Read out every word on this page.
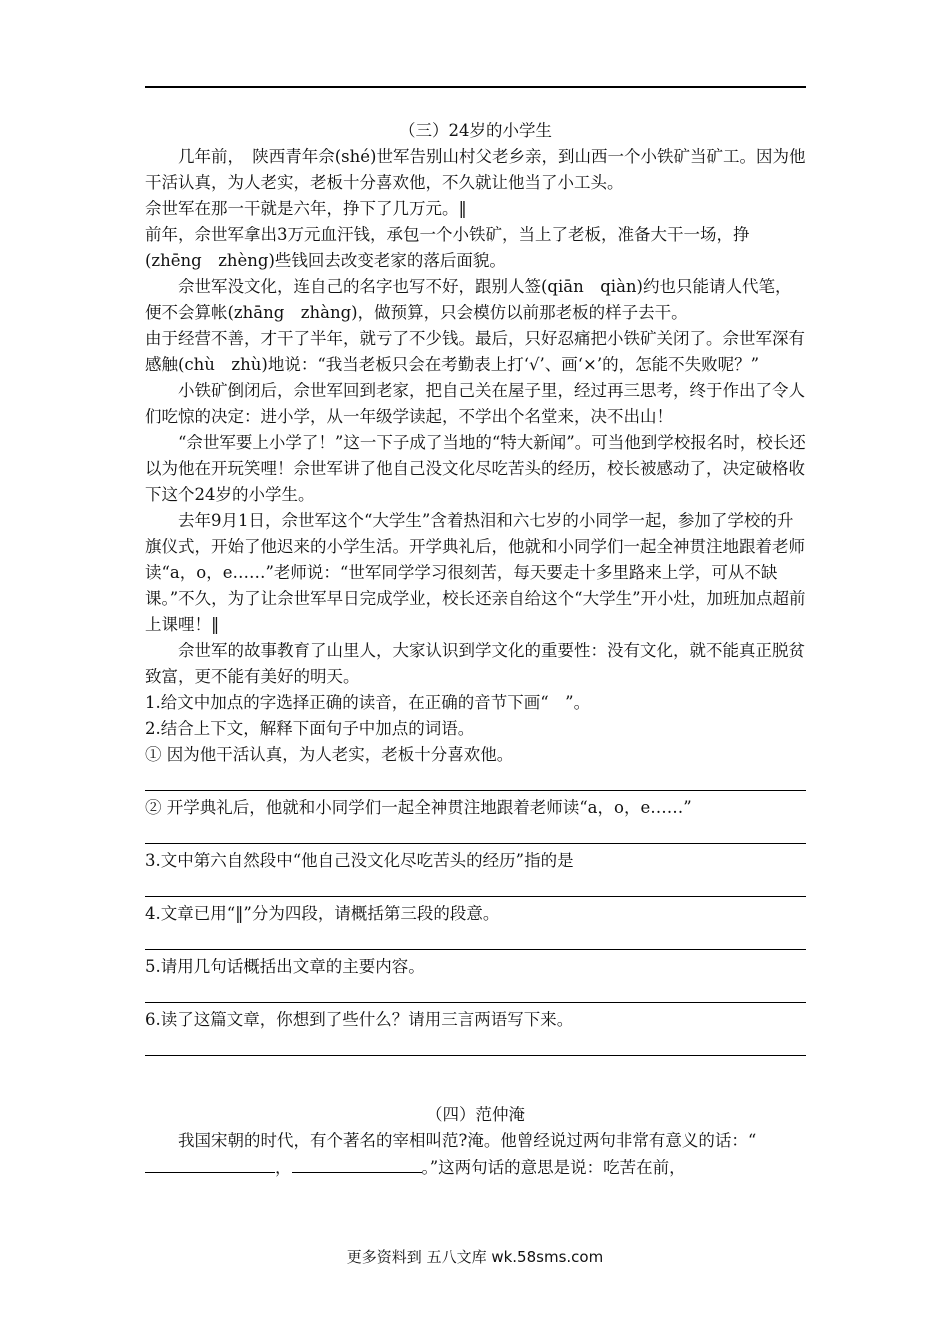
（三）24岁的小学生

几年前，　陕西青年佘(shé)世军告别山村父老乡亲，到山西一个小铁矿当矿工。因为他干活认真，为人老实，老板十分喜欢他，不久就让他当了小工头。

佘世军在那一干就是六年，挣下了几万元。‖

前年，佘世军拿出3万元血汗钱，承包一个小铁矿，当上了老板，准备大干一场，挣(zhēng　zhèng)些钱回去改变老家的落后面貌。

佘世军没文化，连自己的名字也写不好，跟别人签(qiān　qiàn)约也只能请人代笔，便不会算帐(zhāng　zhàng)，做预算，只会模仿以前那老板的样子去干。

由于经营不善，才干了半年，就亏了不少钱。最后，只好忍痛把小铁矿关闭了。佘世军深有感触(chù　zhù)地说：“我当老板只会在考勤表上打‘√’、画‘×’的，怎能不失败呢？”

小铁矿倒闭后，佘世军回到老家，把自己关在屋子里，经过再三思考，终于作出了令人们吃惊的决定：进小学，从一年级学读起，不学出个名堂来，决不出山！

“佘世军要上小学了！”这一下子成了当地的“特大新闻”。可当他到学校报名时，校长还以为他在开玩笑哩！佘世军讲了他自己没文化尽吃苦头的经历，校长被感动了，决定破格收下这个24岁的小学生。

去年9月1日，佘世军这个“大学生”含着热泪和六七岁的小同学一起，参加了学校的升旗仪式，开始了他迟来的小学生活。开学典礼后，他就和小同学们一起全神贯注地跟着老师读“a，o，e……”老师说：“世军同学学习很刻苦，每天要走十多里路来上学，可从不缺课。”不久，为了让佘世军早日完成学业，校长还亲自给这个“大学生”开小灶，加班加点超前上课哩！‖

佘世军的故事教育了山里人，大家认识到学文化的重要性：没有文化，就不能真正脱贫致富，更不能有美好的明天。

1.给文中加点的字选择正确的读音，在正确的音节下画“　”。

2.结合上下文，解释下面句子中加点的词语。

① 因为他干活认真，为人老实，老板十分喜欢他。

② 开学典礼后，他就和小同学们一起全神贯注地跟着老师读“a，o，e……”

3.文中第六自然段中“他自己没文化尽吃苦头的经历”指的是

4.文章已用“‖”分为四段，请概括第三段的段意。

5.请用几句话概括出文章的主要内容。

6.读了这篇文章，你想到了些什么？请用三言两语写下来。

（四）范仲淹

我国宋朝的时代，有个著名的宰相叫范?淹。他曾经说过两句非常有意义的话：“，	。”这两句话的意思是说：吃苦在前，

更多资料到 五八文库 wk.58sms.com
